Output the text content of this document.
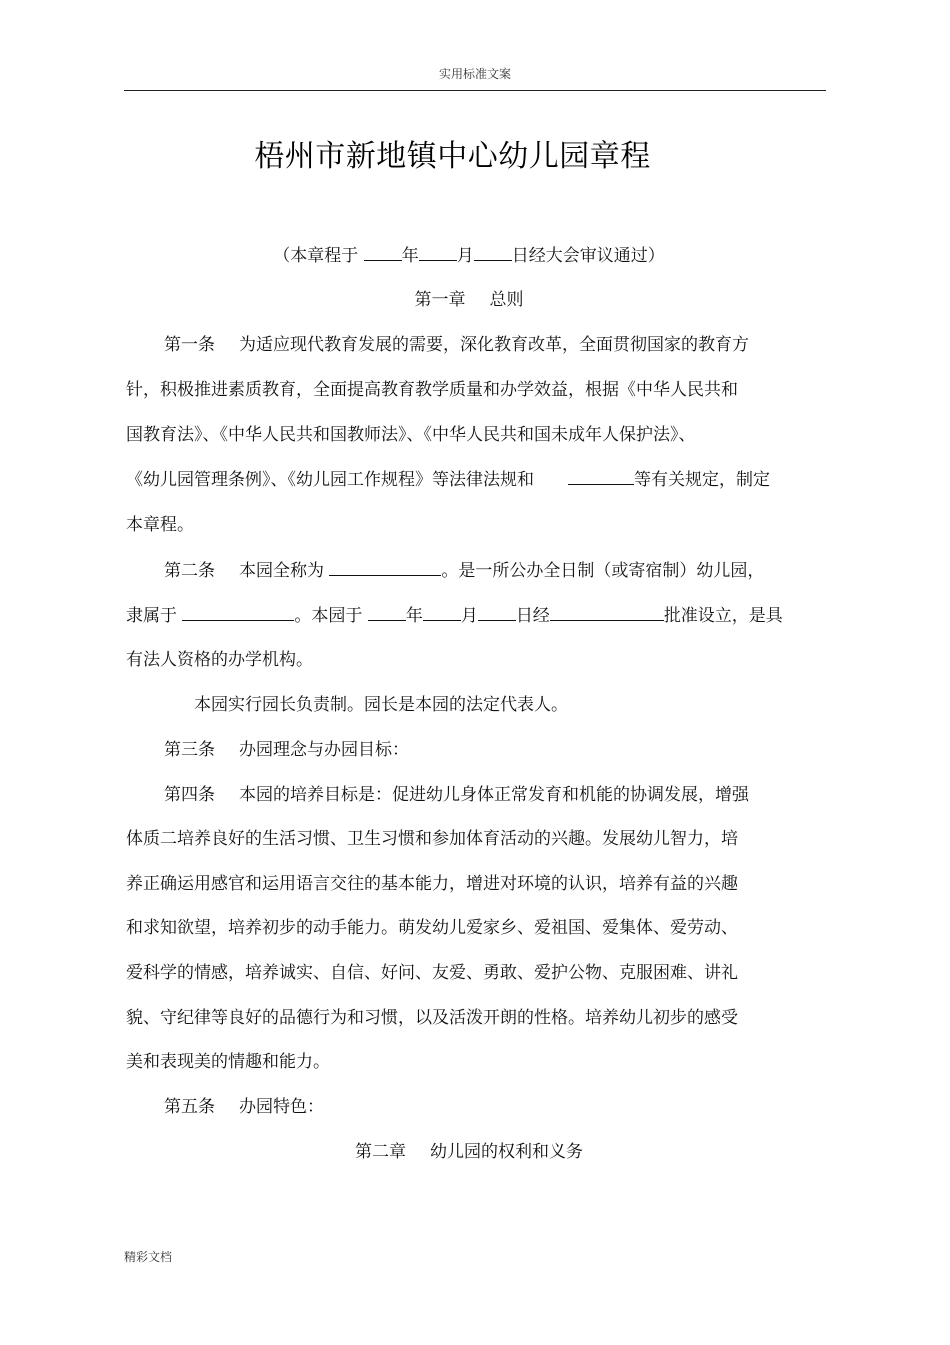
实用标准文案
梧州市新地镇中心幼儿园章程
（本章程于 年 月 日经大会审议通过）
第一章 总则
第一条 为适应现代教育发展的需要，深化教育改革，全面贯彻国家的教育方
针，积极推进素质教育，全面提高教育教学质量和办学效益，根据《中华人民共和
国教育法》、《中华人民共和国教师法》、《中华人民共和国未成年人保护法》、
《幼儿园管理条例》、《幼儿园工作规程》等法律法规和	等有关规定，制定
本章程。
第二条 本园全称为	。是一所公办全日制（或寄宿制）幼儿园，
隶属于	。本园于 年 月 日经	批准设立，是具
有法人资格的办学机构。
本园实行园长负责制。园长是本园的法定代表人。
第三条 办园理念与办园目标：
第四条 本园的培养目标是：促进幼儿身体正常发育和机能的协调发展，增强
体质二培养良好的生活习惯、卫生习惯和参加体育活动的兴趣。发展幼儿智力，培
养正确运用感官和运用语言交往的基本能力，增进对环境的认识，培养有益的兴趣
和求知欲望，培养初步的动手能力。萌发幼儿爱家乡、爱祖国、爱集体、爱劳动、
爱科学的情感，培养诚实、自信、好问、友爱、勇敢、爱护公物、克服困难、讲礼
貌、守纪律等良好的品德行为和习惯，以及活泼开朗的性格。培养幼儿初步的感受
美和表现美的情趣和能力。
第五条 办园特色：
第二章 幼儿园的权利和义务
精彩文档
